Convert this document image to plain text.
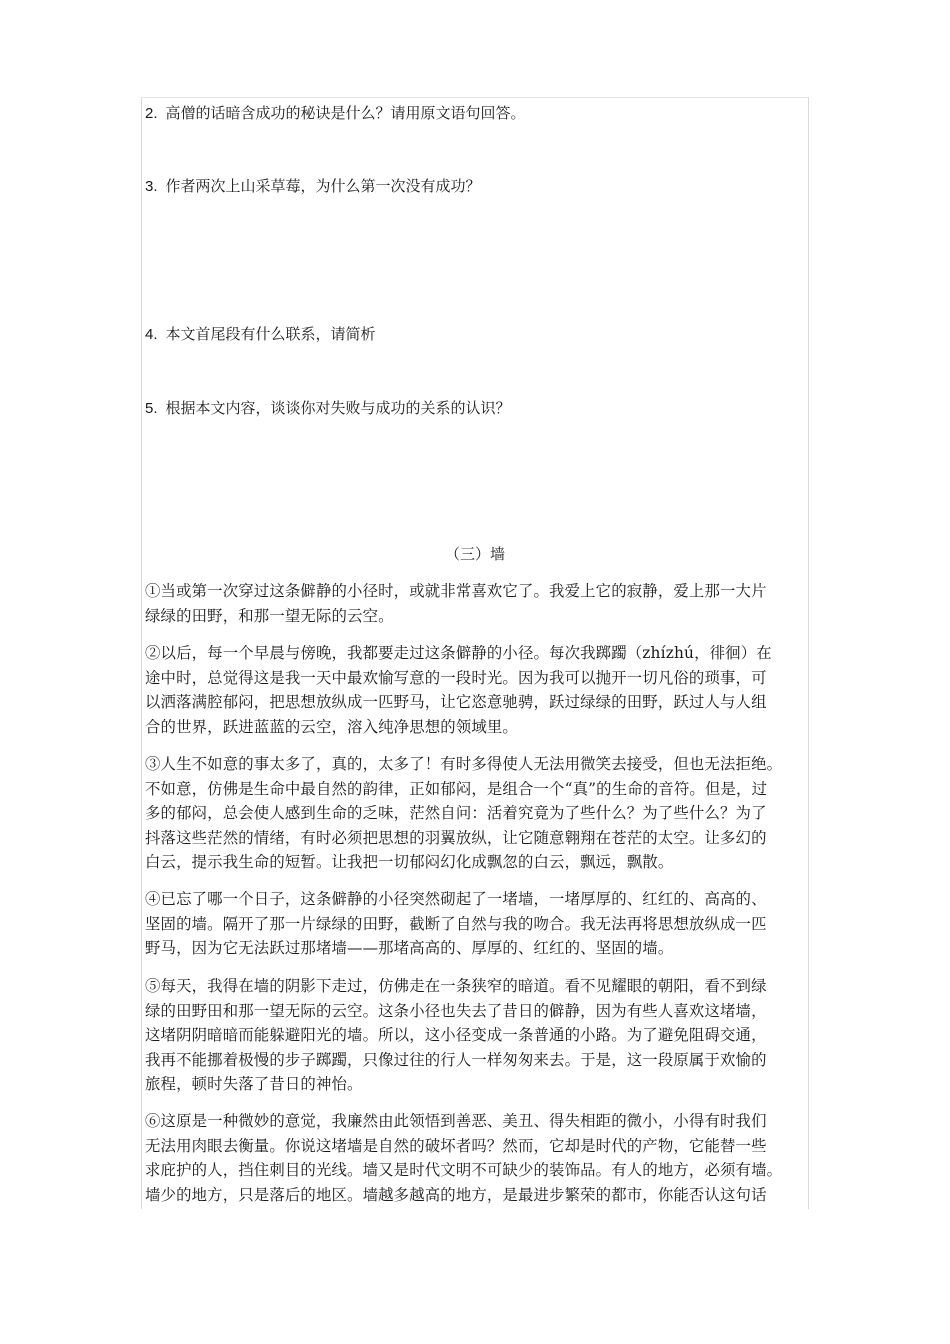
2. 高僧的话暗含成功的秘诀是什么？请用原文语句回答。
3. 作者两次上山采草莓，为什么第一次没有成功？
4. 本文首尾段有什么联系，请简析
5. 根据本文内容，谈谈你对失败与成功的关系的认识？
（三）墙
①当或第一次穿过这条僻静的小径时，或就非常喜欢它了。我爱上它的寂静，爱上那一大片
绿绿的田野，和那一望无际的云空。
②以后，每一个早晨与傍晚，我都要走过这条僻静的小径。每次我踯躅（zhízhú，徘徊）在
途中时，总觉得这是我一天中最欢愉写意的一段时光。因为我可以抛开一切凡俗的琐事，可
以洒落满腔郁闷，把思想放纵成一匹野马，让它恣意驰骋，跃过绿绿的田野，跃过人与人组
合的世界，跃进蓝蓝的云空，溶入纯净思想的领域里。
③人生不如意的事太多了，真的，太多了！有时多得使人无法用微笑去接受，但也无法拒绝。
不如意，仿佛是生命中最自然的韵律，正如郁闷，是组合一个“真”的生命的音符。但是，过
多的郁闷，总会使人感到生命的乏味，茫然自问：活着究竟为了些什么？为了些什么？为了
抖落这些茫然的情绪，有时必须把思想的羽翼放纵，让它随意翱翔在苍茫的太空。让多幻的
白云，提示我生命的短暂。让我把一切郁闷幻化成飘忽的白云，飘远，飘散。
④已忘了哪一个日子，这条僻静的小径突然砌起了一堵墙，一堵厚厚的、红红的、高高的、
坚固的墙。隔开了那一片绿绿的田野，截断了自然与我的吻合。我无法再将思想放纵成一匹
野马，因为它无法跃过那堵墙——那堵高高的、厚厚的、红红的、坚固的墙。
⑤每天，我得在墙的阴影下走过，仿佛走在一条狭窄的暗道。看不见耀眼的朝阳，看不到绿
绿的田野田和那一望无际的云空。这条小径也失去了昔日的僻静，因为有些人喜欢这堵墙，
这堵阴阴暗暗而能躲避阳光的墙。所以，这小径变成一条普通的小路。为了避免阻碍交通，
我再不能挪着极慢的步子踯躅，只像过往的行人一样匆匆来去。于是，这一段原属于欢愉的
旅程，顿时失落了昔日的神怡。
⑥这原是一种微妙的意觉，我廉然由此领悟到善恶、美丑、得失相距的微小，小得有时我们
无法用肉眼去衡量。你说这堵墙是自然的破坏者吗？然而，它却是时代的产物，它能替一些
求庇护的人，挡住刺目的光线。墙又是时代文明不可缺少的装饰品。有人的地方，必须有墙。
墙少的地方，只是落后的地区。墙越多越高的地方，是最进步繁荣的都市，你能否认这句话
